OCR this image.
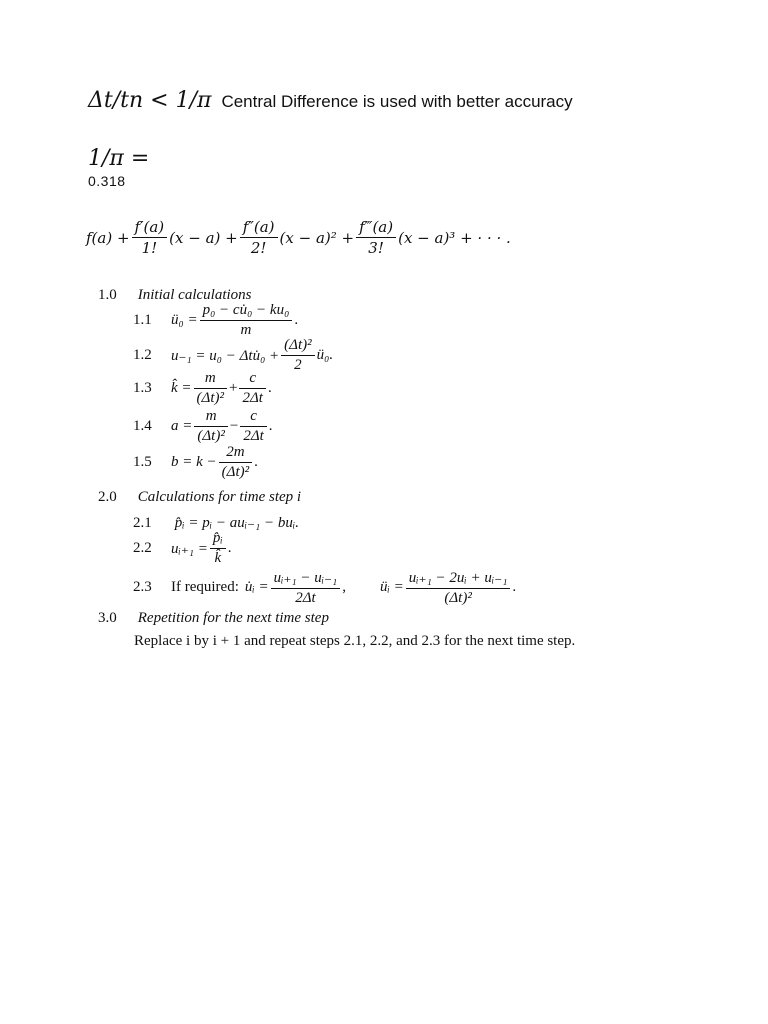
Δt/tn < 1/π Central Difference is used with better accuracy
1/π =
0.318
$f(a) + \frac{f'(a)}{1!} (x - a) + \frac{f''(a)}{2!} (x - a)^2 + \frac{f‴(a)}{3!} (x - a)^3$ + · · · .
1.0 Initial calculations
1.1	ü₀ = $\frac{\text{p₀ − cu̇₀ − ku₀}}{m}$ .
1.2	u₋₁ = u₀ − Δtu̇₀ + $\frac{\text{(Δt)²}}{2}$ ü₀.
1.3	k̂ = $\frac{m}{\text{(Δt)²}} + \frac{c}{2\Delta t}$ .
1.4	$a = \frac{m}{\text{(Δt)²}} - \frac{c}{2\Delta t}$ .
1.5	$b = k - \frac{2m}{\text{(Δt)²}}$ .
2.0 Calculations for time step i
2.1 p̂ᵢ = pᵢ − auᵢ₋₁ − buᵢ.
2.2	uᵢ₊₁ = $\frac{\text{p̂ᵢ}}{k̂}$ .
2.3	If required: u̇ᵢ = $\frac{\text{uᵢ₊₁ − uᵢ₋₁}}{2\Delta t}$ , üᵢ = $\frac{\text{uᵢ₊₁ − 2uᵢ + uᵢ₋₁}}{\text{(Δt)²}}$ .
3.0 Repetition for the next time step
Replace i by i + 1 and repeat steps 2.1, 2.2, and 2.3 for the next time step.
